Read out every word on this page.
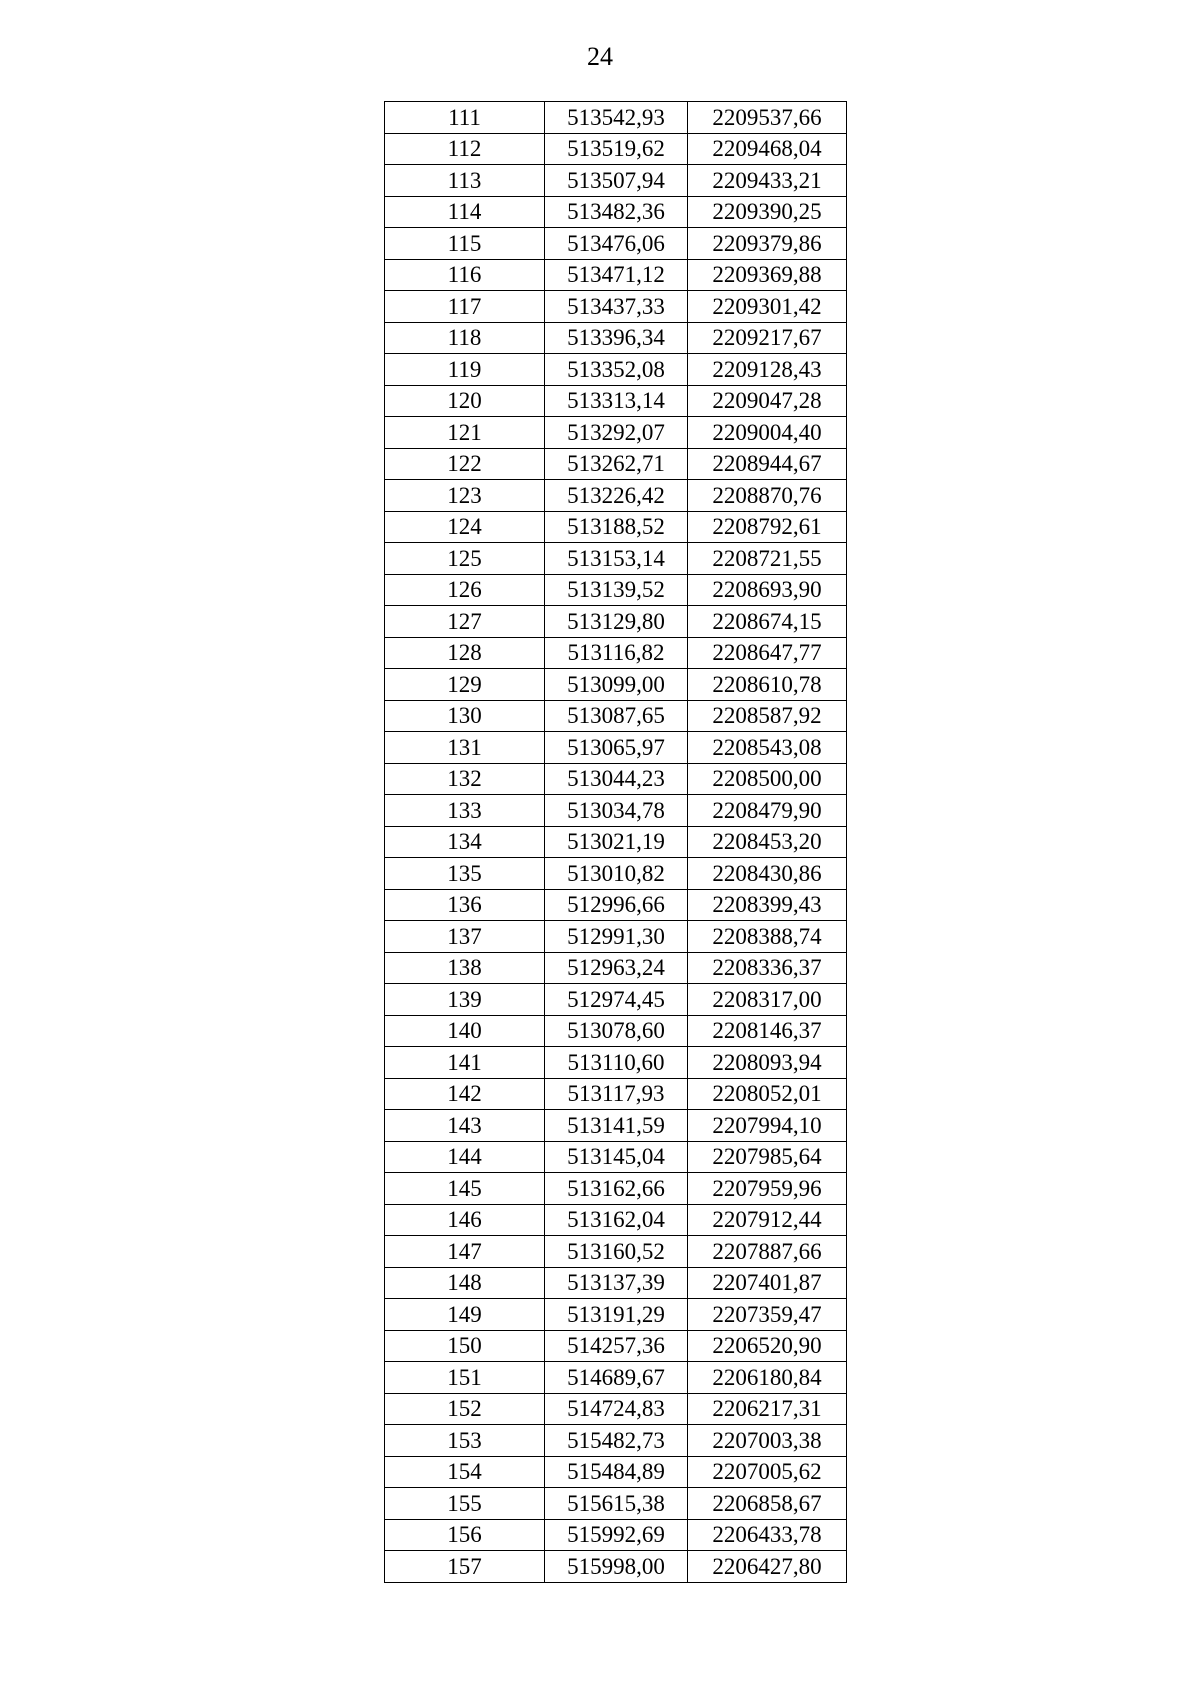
24
111	513542,93	2209537,66
112	513519,62	2209468,04
113	513507,94	2209433,21
114	513482,36	2209390,25
115	513476,06	2209379,86
116	513471,12	2209369,88
117	513437,33	2209301,42
118	513396,34	2209217,67
119	513352,08	2209128,43
120	513313,14	2209047,28
121	513292,07	2209004,40
122	513262,71	2208944,67
123	513226,42	2208870,76
124	513188,52	2208792,61
125	513153,14	2208721,55
126	513139,52	2208693,90
127	513129,80	2208674,15
128	513116,82	2208647,77
129	513099,00	2208610,78
130	513087,65	2208587,92
131	513065,97	2208543,08
132	513044,23	2208500,00
133	513034,78	2208479,90
134	513021,19	2208453,20
135	513010,82	2208430,86
136	512996,66	2208399,43
137	512991,30	2208388,74
138	512963,24	2208336,37
139	512974,45	2208317,00
140	513078,60	2208146,37
141	513110,60	2208093,94
142	513117,93	2208052,01
143	513141,59	2207994,10
144	513145,04	2207985,64
145	513162,66	2207959,96
146	513162,04	2207912,44
147	513160,52	2207887,66
148	513137,39	2207401,87
149	513191,29	2207359,47
150	514257,36	2206520,90
151	514689,67	2206180,84
152	514724,83	2206217,31
153	515482,73	2207003,38
154	515484,89	2207005,62
155	515615,38	2206858,67
156	515992,69	2206433,78
157	515998,00	2206427,80
